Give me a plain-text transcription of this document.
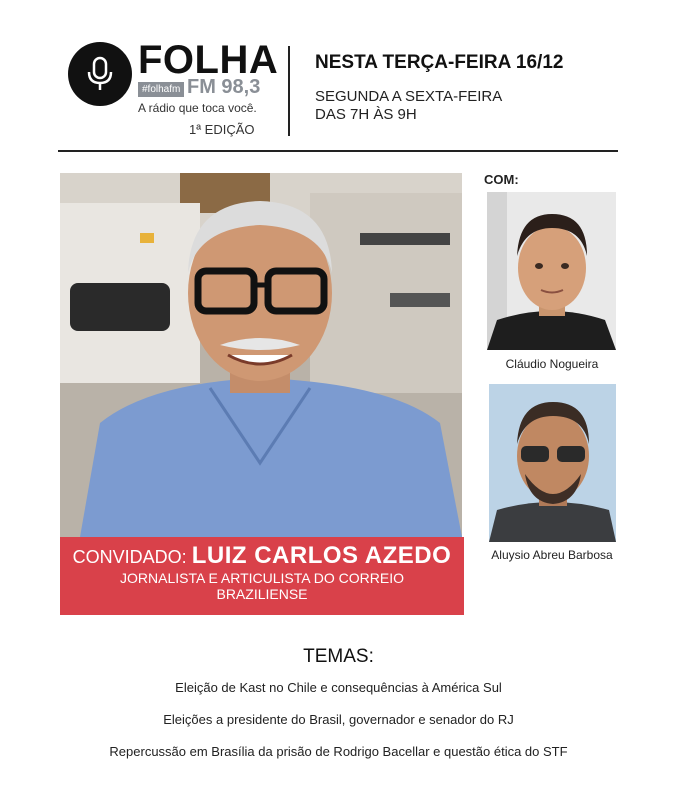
FOLHA
#folhafm FM 98,3
A rádio que toca você.
1ª EDIÇÃO
NESTA TERÇA-FEIRA 16/12
SEGUNDA A SEXTA-FEIRA
DAS 7H ÀS 9H
CONVIDADO: LUIZ CARLOS AZEDO
JORNALISTA E ARTICULISTA DO CORREIO BRAZILIENSE
COM:
Cláudio Nogueira
Aluysio Abreu Barbosa
TEMAS:
Eleição de Kast no Chile e consequências à América Sul
Eleições a presidente do Brasil, governador e senador do RJ
Repercussão em Brasília da prisão de Rodrigo Bacellar e questão ética do STF
